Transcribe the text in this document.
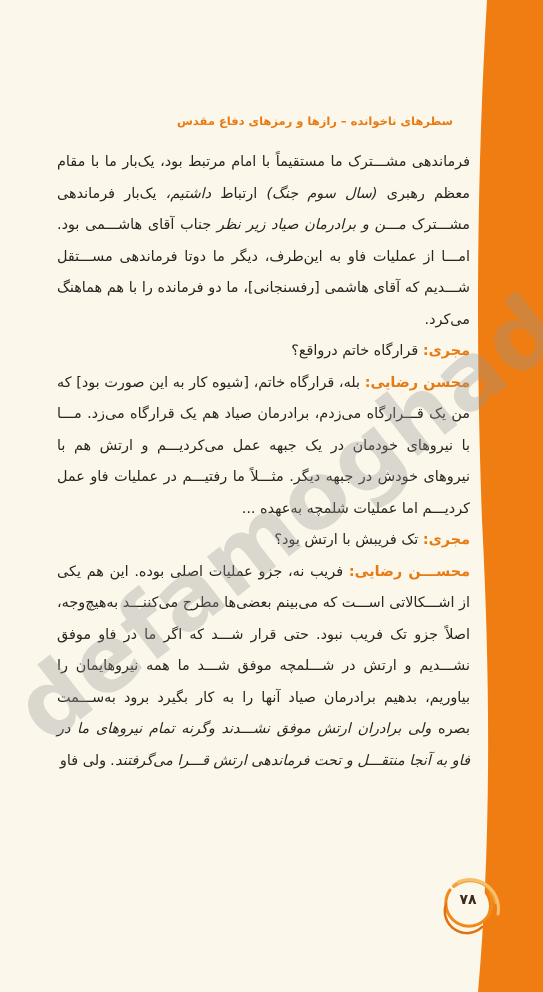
سطرهای ناخوانده – رازها و رمزهای دفاع مقدس

فرماندهی مشـــترک ما مستقیماً با امام مرتبط بود، یک‌بار ما با مقام معظم رهبری (سال سوم جنگ) ارتباط داشتیم، یک‌بار فرماندهی مشـــترک مـــن و برادرمان صیاد زیر نظر جناب آقای هاشـــمی بود. امـــا از عملیات فاو به این‌طرف، دیگر ما دوتا فرماندهی مســـتقل شـــدیم که آقای هاشمی [رفسنجانی]، ما دو فرمانده را با هم هماهنگ می‌کرد.

مجری: قرارگاه خاتم درواقع؟

محسن رضایی: بله، قرارگاه خاتم، [شیوه کار به این صورت بود] که من یک قـــرارگاه می‌زدم، برادرمان صیاد هم یک قرارگاه می‌زد. مـــا با نیروهای خودمان در یک جبهه عمل می‌کردیـــم و ارتش هم با نیروهای خودش در جبهه دیگر. مثـــلاً ما رفتیـــم در عملیات فاو عمل کردیـــم اما عملیات شلمچه به‌عهده ...

مجری: تک فریبش با ارتش بود؟

محســـن رضایی: فریب نه، جزو عملیات اصلی بوده. این هم یکی از اشـــکالاتی اســـت که می‌بینم بعضی‌ها مطرح می‌کننـــد به‌هیچ‌وجه، اصلاً جزو تک فریب نبود. حتی قرار شـــد که اگر ما در فاو موفق نشـــدیم و ارتش در شـــلمچه موفق شـــد ما همه نیروهایمان را بیاوریم، بدهیم برادرمان صیاد آنها را به کار بگیرد برود به‌ســـمت بصره ولی برادران ارتش موفق نشـــدند وگرنه تمام نیروهای ما در فاو به آنجا منتقـــل و تحت فرماندهی ارتش قـــرا می‌گرفتند. ولی فاو

۷۸
